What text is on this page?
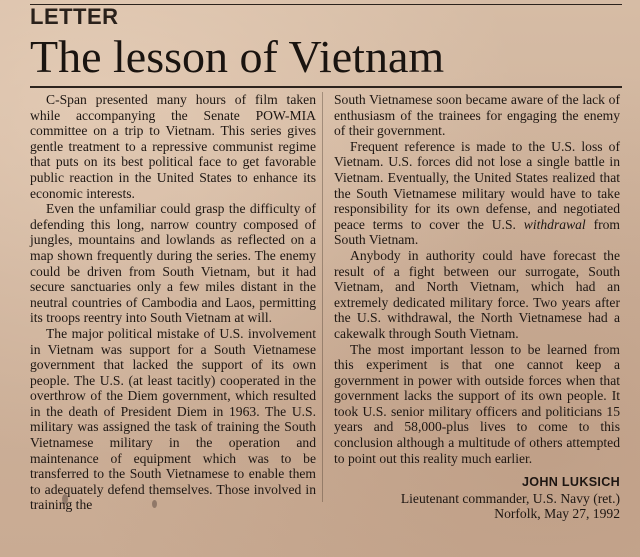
LETTER
The lesson of Vietnam

C-Span presented many hours of film taken while accompanying the Senate POW-MIA committee on a trip to Vietnam. This series gives gentle treatment to a repressive communist regime that puts on its best political face to get favorable public reaction in the United States to enhance its economic interests.

Even the unfamiliar could grasp the difficulty of defending this long, narrow country composed of jungles, mountains and lowlands as reflected on a map shown frequently during the series. The enemy could be driven from South Vietnam, but it had secure sanctuaries only a few miles distant in the neutral countries of Cambodia and Laos, permitting its troops reentry into South Vietnam at will.

The major political mistake of U.S. involvement in Vietnam was support for a South Vietnamese government that lacked the support of its own people. The U.S. (at least tacitly) cooperated in the overthrow of the Diem government, which resulted in the death of President Diem in 1963. The U.S. military was assigned the task of training the South Vietnamese military in the operation and maintenance of equipment which was to be transferred to the South Vietnamese to enable them to adequately defend themselves. Those involved in training the

South Vietnamese soon became aware of the lack of enthusiasm of the trainees for engaging the enemy of their government.

Frequent reference is made to the U.S. loss of Vietnam. U.S. forces did not lose a single battle in Vietnam. Eventually, the United States realized that the South Vietnamese military would have to take responsibility for its own defense, and negotiated peace terms to cover the U.S. withdrawal from South Vietnam.

Anybody in authority could have forecast the result of a fight between our surrogate, South Vietnam, and North Vietnam, which had an extremely dedicated military force. Two years after the U.S. withdrawal, the North Vietnamese had a cakewalk through South Vietnam.

The most important lesson to be learned from this experiment is that one cannot keep a government in power with outside forces when that government lacks the support of its own people. It took U.S. senior military officers and politicians 15 years and 58,000-plus lives to come to this conclusion although a multitude of others attempted to point out this reality much earlier.

JOHN LUKSICH

Lieutenant commander, U.S. Navy (ret.)

Norfolk, May 27, 1992
